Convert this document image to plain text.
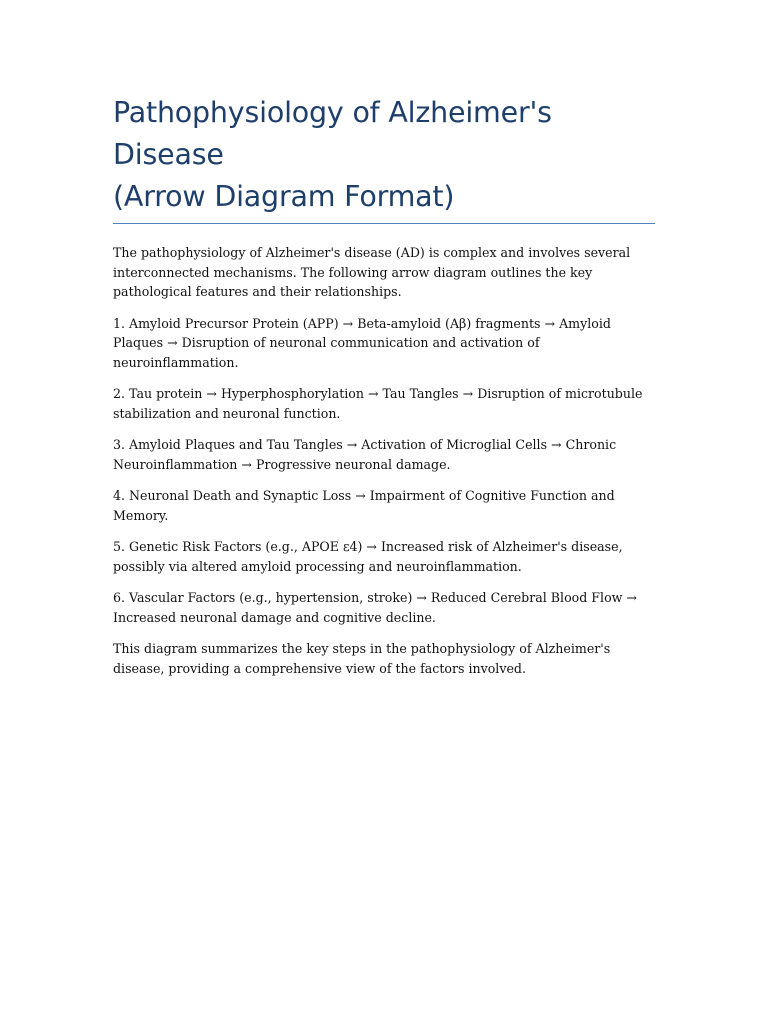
Pathophysiology of Alzheimer's Disease
(Arrow Diagram Format)

The pathophysiology of Alzheimer's disease (AD) is complex and involves several interconnected mechanisms. The following arrow diagram outlines the key pathological features and their relationships.

1. Amyloid Precursor Protein (APP) → Beta-amyloid (Aβ) fragments → Amyloid Plaques → Disruption of neuronal communication and activation of neuroinflammation.

2. Tau protein → Hyperphosphorylation → Tau Tangles → Disruption of microtubule stabilization and neuronal function.

3. Amyloid Plaques and Tau Tangles → Activation of Microglial Cells → Chronic Neuroinflammation → Progressive neuronal damage.

4. Neuronal Death and Synaptic Loss → Impairment of Cognitive Function and Memory.

5. Genetic Risk Factors (e.g., APOE ε4) → Increased risk of Alzheimer's disease, possibly via altered amyloid processing and neuroinflammation.

6. Vascular Factors (e.g., hypertension, stroke) → Reduced Cerebral Blood Flow → Increased neuronal damage and cognitive decline.

This diagram summarizes the key steps in the pathophysiology of Alzheimer's disease, providing a comprehensive view of the factors involved.
